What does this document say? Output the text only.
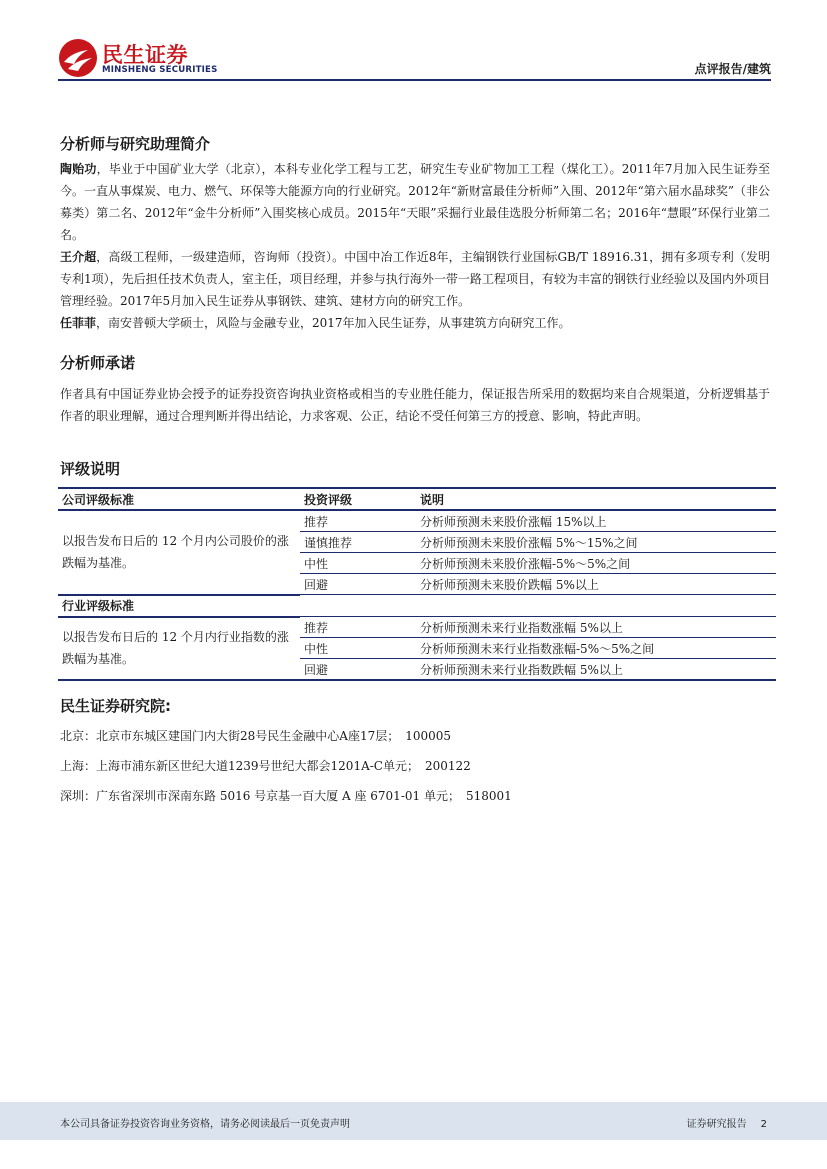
民生证券
MINSHENG SECURITIES	点评报告/建筑
分析师与研究助理简介

陶贻功，毕业于中国矿业大学（北京），本科专业化学工程与工艺，研究生专业矿物加工工程（煤化工）。2011年7月加入民生证券至今。一直从事煤炭、电力、燃气、环保等大能源方向的行业研究。2012年“新财富最佳分析师”入围、2012年“第六届水晶球奖”（非公募类）第二名、2012年“金牛分析师”入围奖核心成员。2015年“天眼”采掘行业最佳选股分析师第二名；2016年“慧眼”环保行业第二名。

王介超，高级工程师，一级建造师，咨询师（投资）。中国中冶工作近8年，主编钢铁行业国标GB/T 18916.31，拥有多项专利（发明专利1项），先后担任技术负责人，室主任，项目经理，并参与执行海外一带一路工程项目，有较为丰富的钢铁行业经验以及国内外项目管理经验。2017年5月加入民生证券从事钢铁、建筑、建材方向的研究工作。

任菲菲，南安普顿大学硕士，风险与金融专业，2017年加入民生证券，从事建筑方向研究工作。

分析师承诺
作者具有中国证券业协会授予的证券投资咨询执业资格或相当的专业胜任能力，保证报告所采用的数据均来自合规渠道，分析逻辑基于作者的职业理解，通过合理判断并得出结论，力求客观、公正，结论不受任何第三方的授意、影响，特此声明。
评级说明
公司评级标准	投资评级	说明
以报告发布日后的 12 个月内公司股价的涨跌幅为基准。	推荐	分析师预测未来股价涨幅 15%以上
	谨慎推荐	分析师预测未来股价涨幅 5%～15%之间
	中性	分析师预测未来股价涨幅-5%～5%之间
	回避	分析师预测未来股价跌幅 5%以上
行业评级标准		
以报告发布日后的 12 个月内行业指数的涨跌幅为基准。	推荐	分析师预测未来行业指数涨幅 5%以上
	中性	分析师预测未来行业指数涨幅-5%～5%之间
	回避	分析师预测未来行业指数跌幅 5%以上
民生证券研究院:
北京：北京市东城区建国门内大街28号民生金融中心A座17层；　100005
上海：上海市浦东新区世纪大道1239号世纪大都会1201A-C单元；　200122
深圳：广东省深圳市深南东路 5016 号京基一百大厦 A 座 6701-01 单元；　518001
本公司具备证券投资咨询业务资格，请务必阅读最后一页免责声明	证券研究报告 2
